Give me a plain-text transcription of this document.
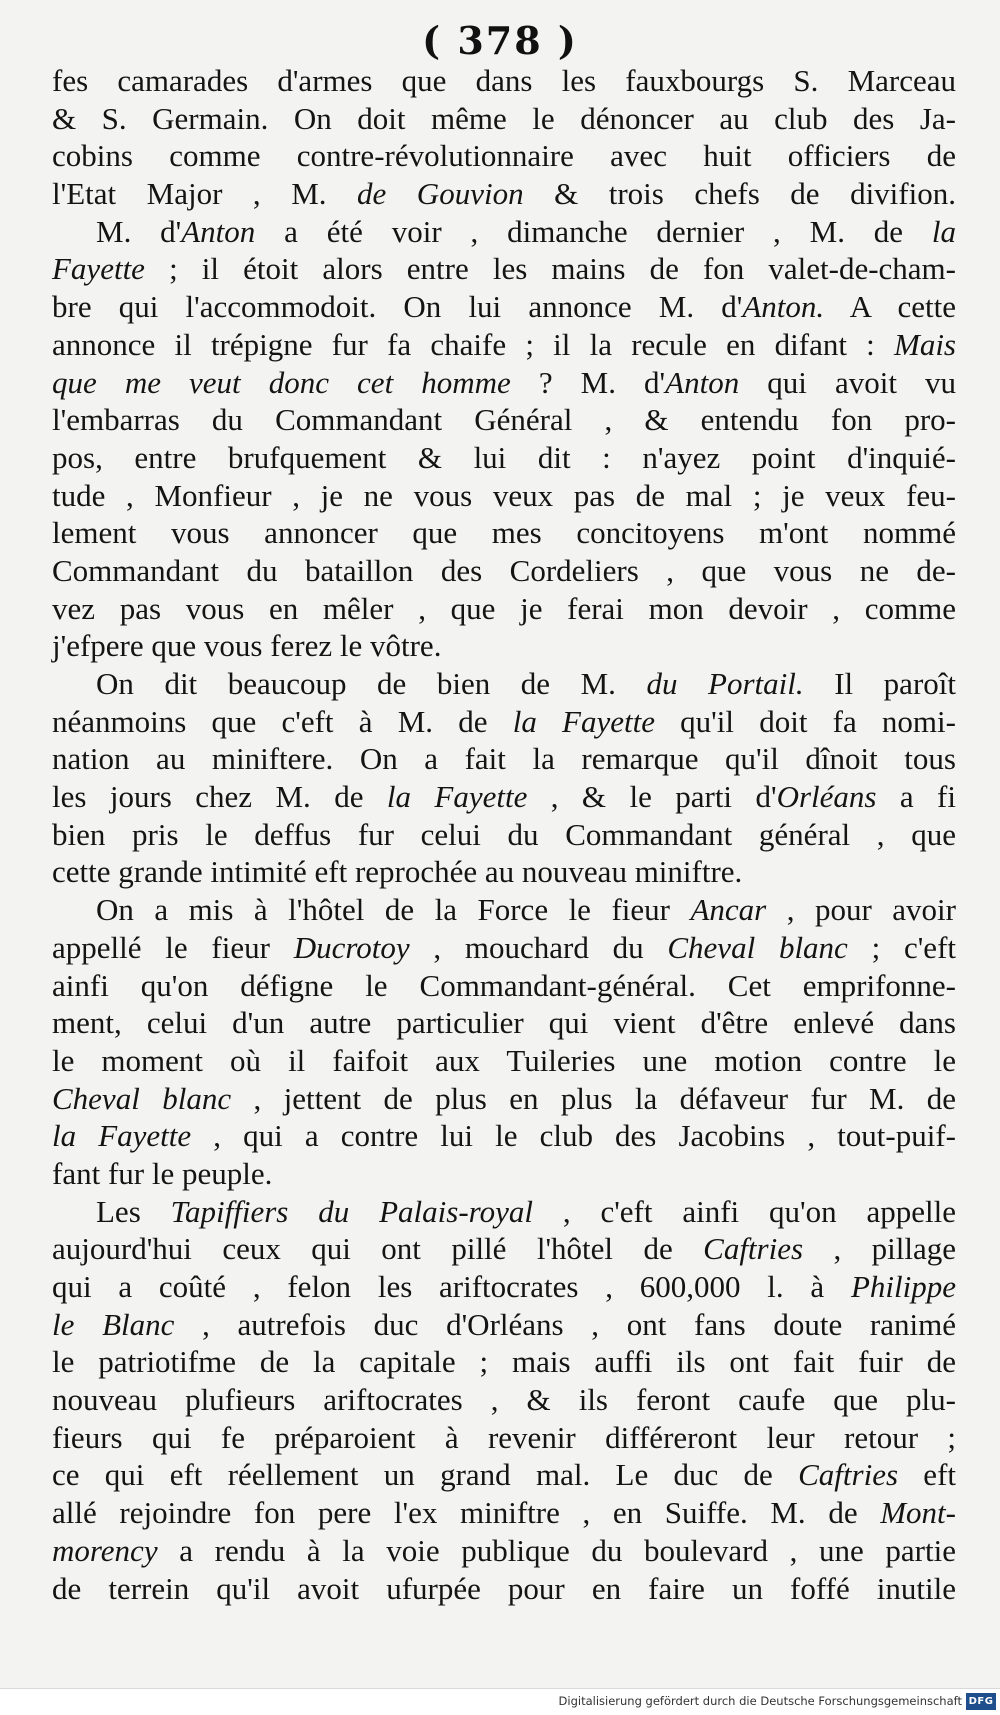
( 378 )
fes camarades d'armes que dans les fauxbourgs S. Marceau
& S. Germain. On doit même le dénoncer au club des Ja-
cobins comme contre-révolutionnaire avec huit officiers de
l'Etat Major , M. de Gouvion & trois chefs de divifion.
M. d'Anton a été voir , dimanche dernier , M. de la
Fayette ; il étoit alors entre les mains de fon valet-de-cham-
bre qui l'accommodoit. On lui annonce M. d'Anton. A cette
annonce il trépigne fur fa chaife ; il la recule en difant : Mais
que me veut donc cet homme ? M. d'Anton qui avoit vu
l'embarras du Commandant Général , & entendu fon pro-
pos, entre brufquement & lui dit : n'ayez point d'inquié-
tude , Monfieur , je ne vous veux pas de mal ; je veux feu-
lement vous annoncer que mes concitoyens m'ont nommé
Commandant du bataillon des Cordeliers , que vous ne de-
vez pas vous en mêler , que je ferai mon devoir , comme
j'efpere que vous ferez le vôtre.
On dit beaucoup de bien de M. du Portail. Il paroît
néanmoins que c'eft à M. de la Fayette qu'il doit fa nomi-
nation au miniftere. On a fait la remarque qu'il dînoit tous
les jours chez M. de la Fayette , & le parti d'Orléans a fi
bien pris le deffus fur celui du Commandant général , que
cette grande intimité eft reprochée au nouveau miniftre.
On a mis à l'hôtel de la Force le fieur Ancar , pour avoir
appellé le fieur Ducrotoy , mouchard du Cheval blanc ; c'eft
ainfi qu'on défigne le Commandant-général. Cet emprifonne-
ment, celui d'un autre particulier qui vient d'être enlevé dans
le moment où il faifoit aux Tuileries une motion contre le
Cheval blanc , jettent de plus en plus la défaveur fur M. de
la Fayette , qui a contre lui le club des Jacobins , tout-puif-
fant fur le peuple.
Les Tapiffiers du Palais-royal , c'eft ainfi qu'on appelle
aujourd'hui ceux qui ont pillé l'hôtel de Caftries , pillage
qui a coûté , felon les ariftocrates , 600,000 l. à Philippe
le Blanc , autrefois duc d'Orléans , ont fans doute ranimé
le patriotifme de la capitale ; mais auffi ils ont fait fuir de
nouveau plufieurs ariftocrates , & ils feront caufe que plu-
fieurs qui fe préparoient à revenir différeront leur retour ;
ce qui eft réellement un grand mal. Le duc de Caftries eft
allé rejoindre fon pere l'ex miniftre , en Suiffe. M. de Mont-
morency a rendu à la voie publique du boulevard , une partie
de terrein qu'il avoit ufurpée pour en faire un foffé inutile
Digitalisierung gefördert durch die Deutsche Forschungsgemeinschaft DFG
